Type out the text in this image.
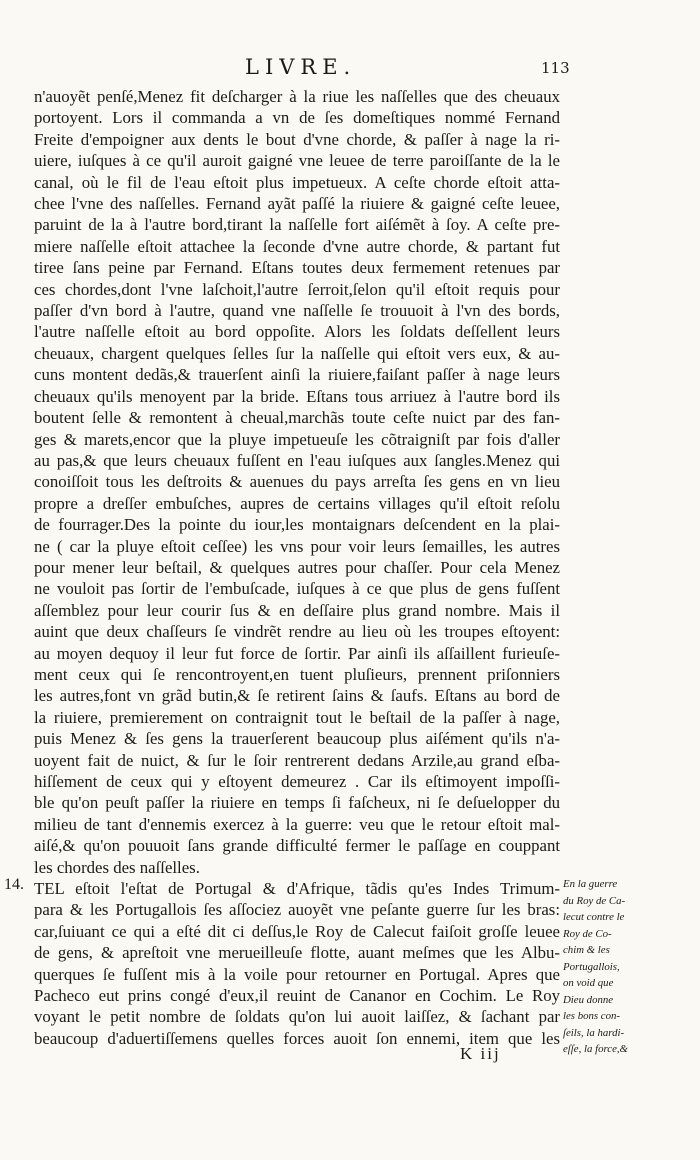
LIVRE.	113
n'auoyẽt penſé,Menez fit deſcharger à la riue les naſſelles que des cheuaux
portoyent. Lors il commanda a vn de ſes domeſtiques nommé Fernand
Freite d'empoigner aux dents le bout d'vne chorde, & paſſer à nage la ri-
uiere, iuſques à ce qu'il auroit gaigné vne leuee de terre paroiſſante de la le
canal, où le fil de l'eau eſtoit plus impetueux. A ceſte chorde eſtoit atta-
chee l'vne des naſſelles. Fernand ayãt paſſé la riuiere & gaigné ceſte leuee,
paruint de la à l'autre bord,tirant la naſſelle fort aiſémẽt à ſoy. A ceſte pre-
miere naſſelle eſtoit attachee la ſeconde d'vne autre chorde, & partant fut
tiree ſans peine par Fernand. Eſtans toutes deux fermement retenues par
ces chordes,dont l'vne laſchoit,l'autre ſerroit,ſelon qu'il eſtoit requis pour
paſſer d'vn bord à l'autre, quand vne naſſelle ſe trouuoit à l'vn des bords,
l'autre naſſelle eſtoit au bord oppoſite. Alors les ſoldats deſſellent leurs
cheuaux, chargent quelques ſelles ſur la naſſelle qui eſtoit vers eux, & au-
cuns montent dedãs,& trauerſent ainſi la riuiere,faiſant paſſer à nage leurs
cheuaux qu'ils menoyent par la bride. Eſtans tous arriuez à l'autre bord ils
boutent ſelle & remontent à cheual,marchãs toute ceſte nuict par des fan-
ges & marets,encor que la pluye impetueuſe les cõtraigniſt par fois d'aller
au pas,& que leurs cheuaux fuſſent en l'eau iuſques aux ſangles.Menez qui
conoiſſoit tous les deſtroits & auenues du pays arreſta ſes gens en vn lieu
propre a dreſſer embuſches, aupres de certains villages qu'il eſtoit reſolu
de fourrager.Des la pointe du iour,les montaignars deſcendent en la plai-
ne ( car la pluye eſtoit ceſſee) les vns pour voir leurs ſemailles, les autres
pour mener leur beſtail, & quelques autres pour chaſſer. Pour cela Menez
ne vouloit pas ſortir de l'embuſcade, iuſques à ce que plus de gens fuſſent
aſſemblez pour leur courir ſus & en deſſaire plus grand nombre. Mais il
auint que deux chaſſeurs ſe vindrẽt rendre au lieu où les troupes eſtoyent:
au moyen dequoy il leur fut force de ſortir. Par ainſi ils aſſaillent furieuſe-
ment ceux qui ſe rencontroyent,en tuent pluſieurs, prennent priſonniers
les autres,font vn grãd butin,& ſe retirent ſains & ſaufs. Eſtans au bord de
la riuiere, premierement on contraignit tout le beſtail de la paſſer à nage,
puis Menez & ſes gens la trauerſerent beaucoup plus aiſément qu'ils n'a-
uoyent fait de nuict, & ſur le ſoir rentrerent dedans Arzile,au grand eſba-
hiſſement de ceux qui y eſtoyent demeurez . Car ils eſtimoyent impoſſi-
ble qu'on peuſt paſſer la riuiere en temps ſi faſcheux, ni ſe deſuelopper du
milieu de tant d'ennemis exercez à la guerre: veu que le retour eſtoit mal-
aiſé,& qu'on pouuoit ſans grande difficulté fermer le paſſage en couppant
les chordes des naſſelles.
TEL eſtoit l'eſtat de Portugal & d'Afrique, tãdis qu'es Indes Trimum-
para & les Portugallois ſes aſſociez auoyẽt vne peſante guerre ſur les bras:
car,ſuiuant ce qui a eſté dit ci deſſus,le Roy de Calecut faiſoit groſſe leuee
de gens, & apreſtoit vne merueilleuſe flotte, auant meſmes que les Albu-
querques ſe fuſſent mis à la voile pour retourner en Portugal. Apres que
Pacheco eut prins congé d'eux,il reuint de Cananor en Cochim. Le Roy
voyant le petit nombre de ſoldats qu'on lui auoit laiſſez, & ſachant par
beaucoup d'aduertiſſemens quelles forces auoit ſon ennemi, item que les
14.	En la guerre
du Roy de Ca-
lecut contre le
Roy de Co-
chim & les
Portugallois,
on void que
Dieu donne
les bons con-
ſeils, la hardi-
eſſe, la force,&
K iij
